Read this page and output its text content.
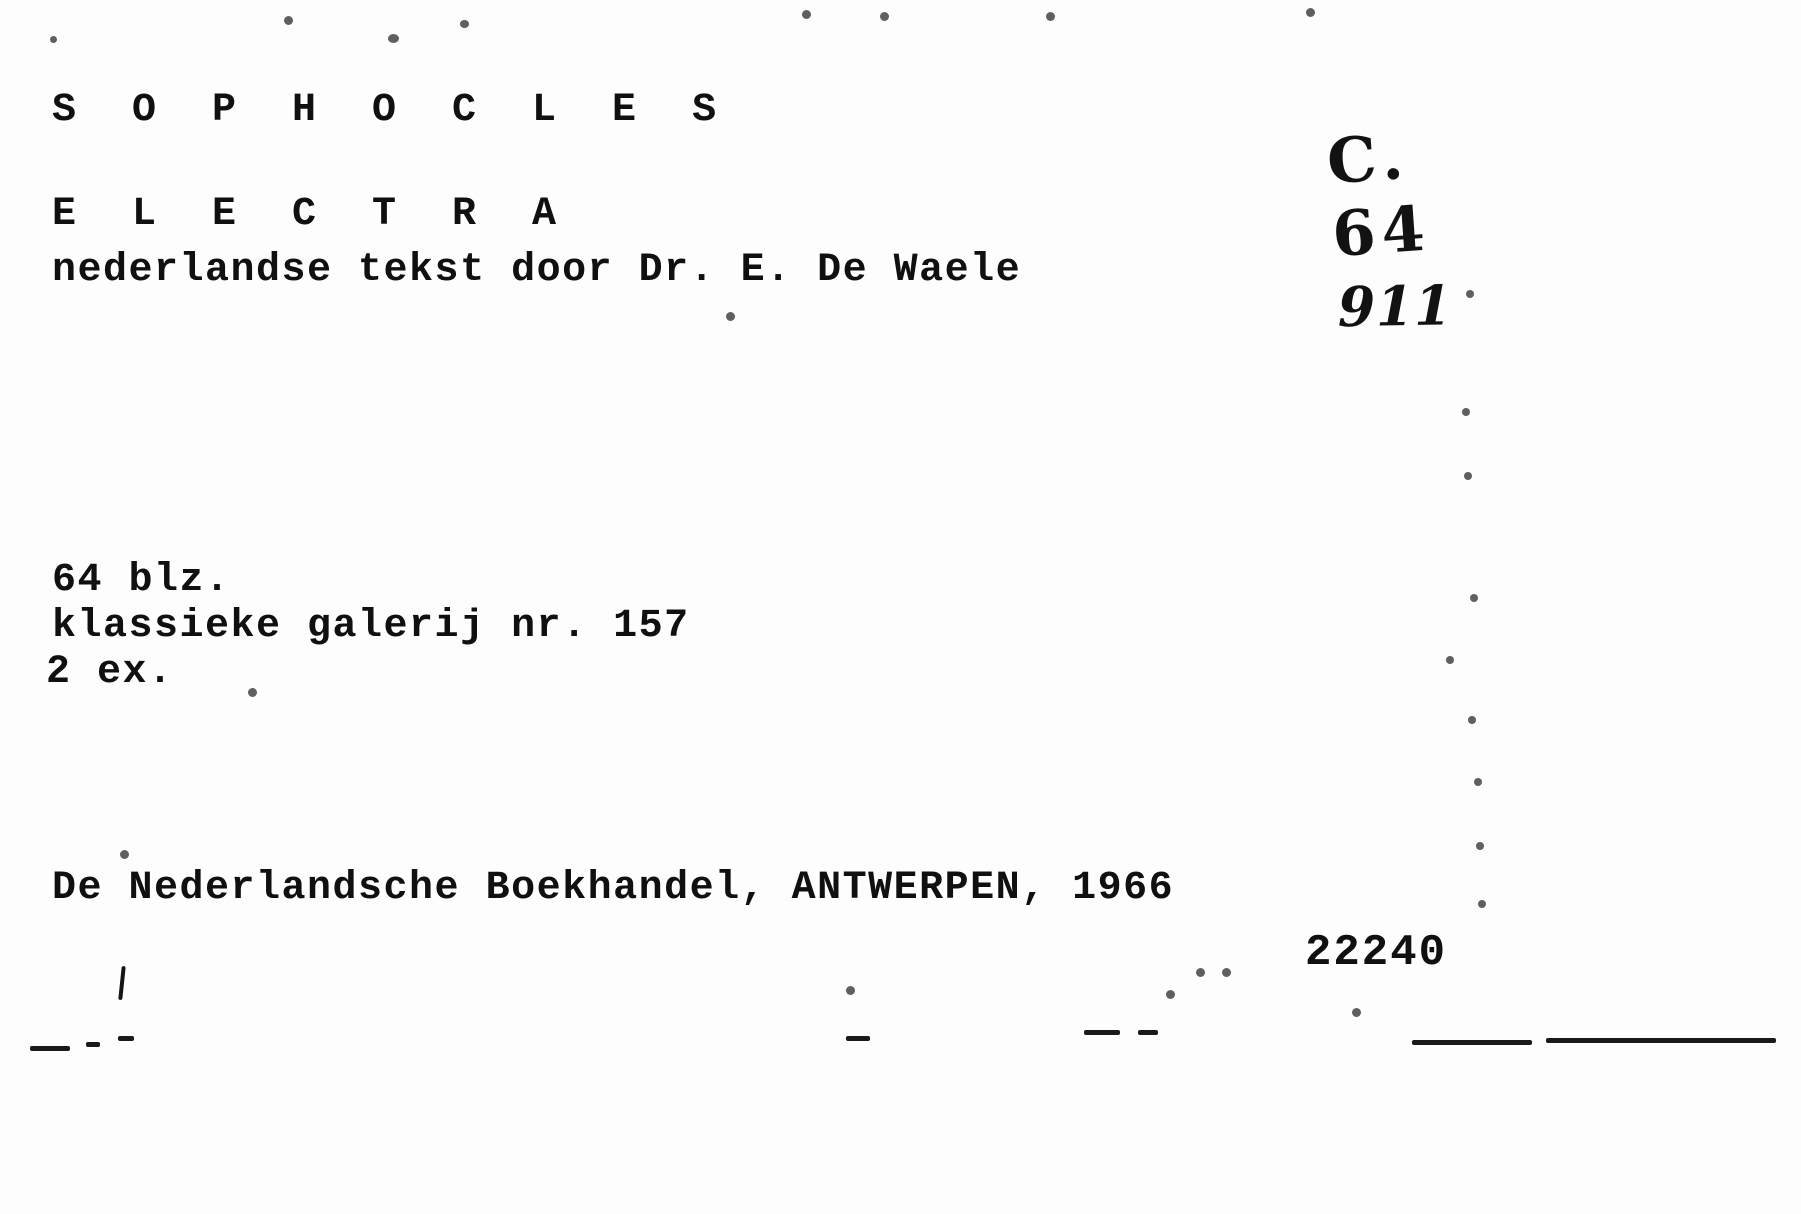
S O P H O C L E S
E L E C T R A
nederlandse tekst door Dr. E. De Waele
64 blz.
klassieke galerij nr. 157
2 ex.
De Nederlandsche Boekhandel, ANTWERPEN, 1966
22240

C.
64
911
